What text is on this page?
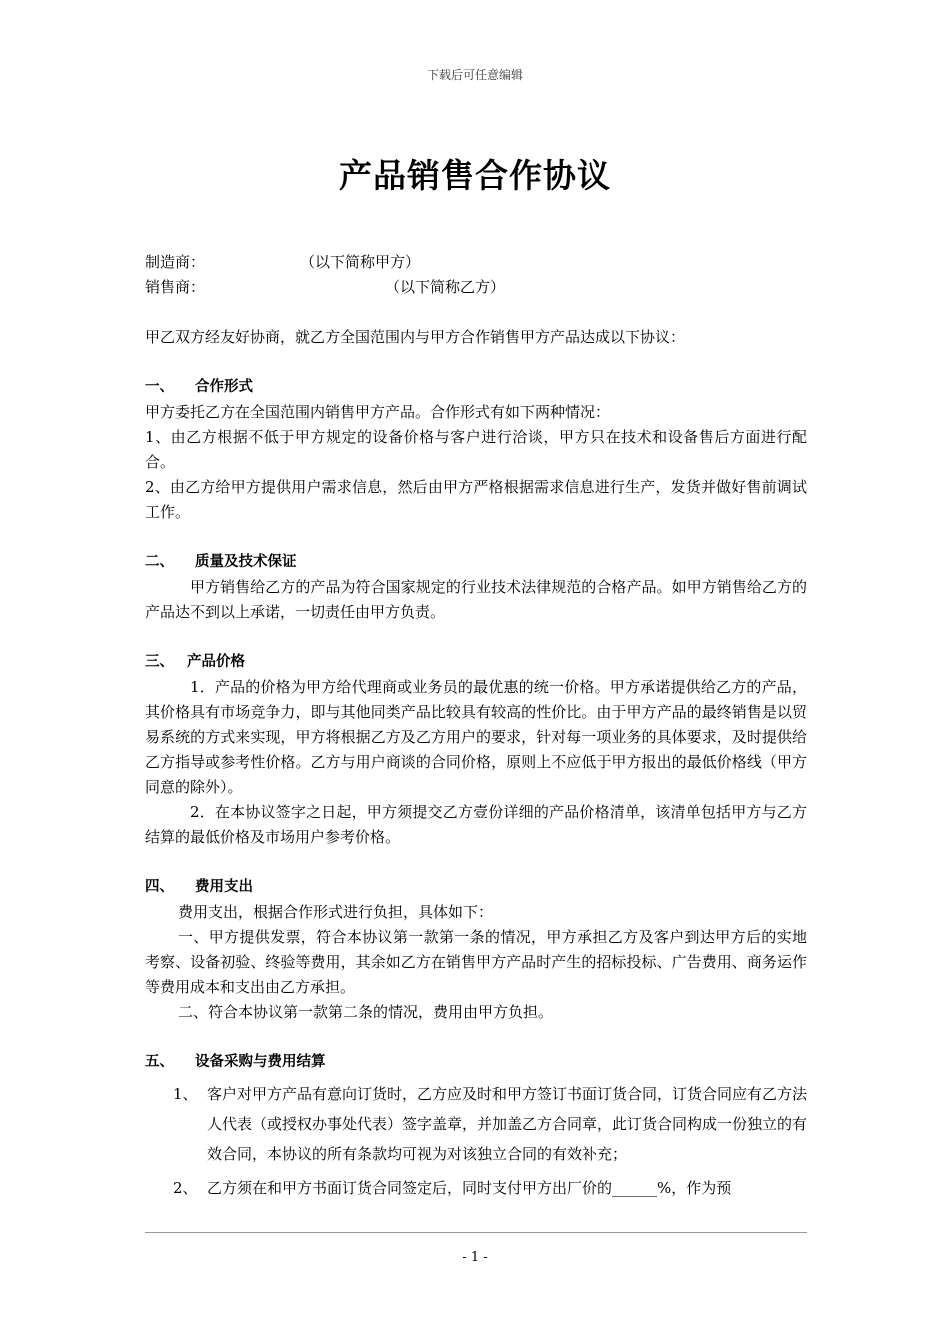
下载后可任意编辑
产品销售合作协议
制造商：	（以下简称甲方）
销售商：	（以下简称乙方）

甲乙双方经友好协商，就乙方全国范围内与甲方合作销售甲方产品达成以下协议：

一、 合作形式

甲方委托乙方在全国范围内销售甲方产品。合作形式有如下两种情况：

1、由乙方根据不低于甲方规定的设备价格与客户进行洽谈，甲方只在技术和设备售后方面进行配合。

2、由乙方给甲方提供用户需求信息，然后由甲方严格根据需求信息进行生产，发货并做好售前调试工作。

二、 质量及技术保证

甲方销售给乙方的产品为符合国家规定的行业技术法律规范的合格产品。如甲方销售给乙方的产品达不到以上承诺，一切责任由甲方负责。

三、 产品价格

1．产品的价格为甲方给代理商或业务员的最优惠的统一价格。甲方承诺提供给乙方的产品，其价格具有市场竞争力，即与其他同类产品比较具有较高的性价比。由于甲方产品的最终销售是以贸易系统的方式来实现，甲方将根据乙方及乙方用户的要求，针对每一项业务的具体要求，及时提供给乙方指导或参考性价格。乙方与用户商谈的合同价格，原则上不应低于甲方报出的最低价格线（甲方同意的除外）。

2．在本协议签字之日起，甲方须提交乙方壹份详细的产品价格清单，该清单包括甲方与乙方结算的最低价格及市场用户参考价格。

四、 费用支出

费用支出，根据合作形式进行负担，具体如下：

一、甲方提供发票，符合本协议第一款第一条的情况，甲方承担乙方及客户到达甲方后的实地考察、设备初验、终验等费用，其余如乙方在销售甲方产品时产生的招标投标、广告费用、商务运作等费用成本和支出由乙方承担。

二、符合本协议第一款第二条的情况，费用由甲方负担。

五、 设备采购与费用结算

1、 客户对甲方产品有意向订货时，乙方应及时和甲方签订书面订货合同，订货合同应有乙方法人代表（或授权办事处代表）签字盖章，并加盖乙方合同章，此订货合同构成一份独立的有效合同，本协议的所有条款均可视为对该独立合同的有效补充；
2、 乙方须在和甲方书面订货合同签定后，同时支付甲方出厂价的______%，作为预
- 1 -
